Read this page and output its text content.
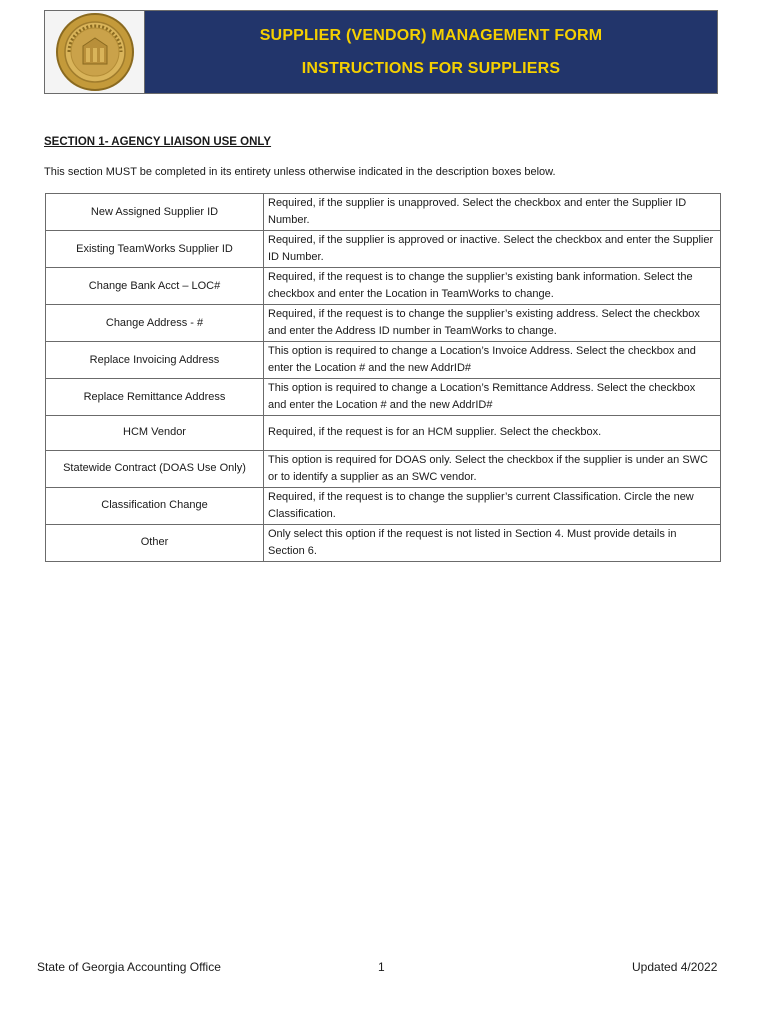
SUPPLIER (VENDOR) MANAGEMENT FORM
INSTRUCTIONS FOR SUPPLIERS
SECTION 1- AGENCY LIAISON USE ONLY
This section MUST be completed in its entirety unless otherwise indicated in the description boxes below.
New Assigned Supplier ID	Required, if the supplier is unapproved. Select the checkbox and enter the Supplier ID Number.
Existing TeamWorks Supplier ID	Required, if the supplier is approved or inactive. Select the checkbox and enter the Supplier ID Number.
Change Bank Acct – LOC#	Required, if the request is to change the supplier’s existing bank information. Select the checkbox and enter the Location in TeamWorks to change.
Change Address - #	Required, if the request is to change the supplier’s existing address. Select the checkbox and enter the Address ID number in TeamWorks to change.
Replace Invoicing Address	This option is required to change a Location’s Invoice Address. Select the checkbox and enter the Location # and the new AddrID#
Replace Remittance Address	This option is required to change a Location’s Remittance Address. Select the checkbox and enter the Location # and the new AddrID#
HCM Vendor	Required, if the request is for an HCM supplier. Select the checkbox.
Statewide Contract (DOAS Use Only)	This option is required for DOAS only. Select the checkbox if the supplier is under an SWC or to identify a supplier as an SWC vendor.
Classification Change	Required, if the request is to change the supplier’s current Classification. Circle the new Classification.
Other	Only select this option if the request is not listed in Section 4. Must provide details in Section 6.
State of Georgia Accounting Office	1	Updated 4/2022
